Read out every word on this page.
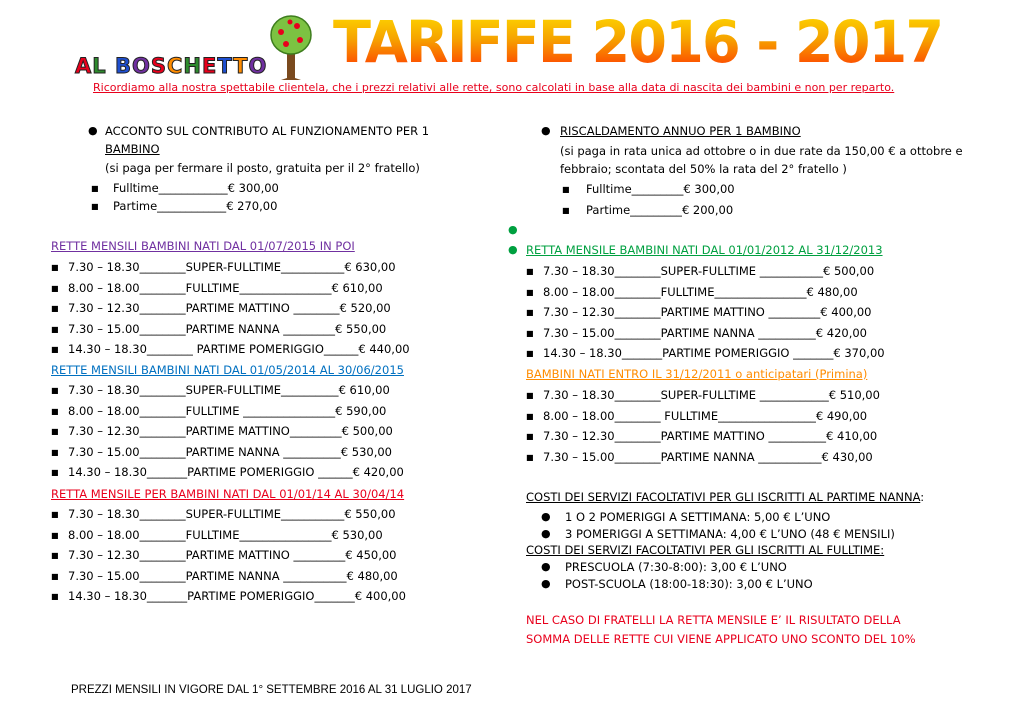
AL BOSCHETTO TARIFFE 2016 - 2017
Ricordiamo alla nostra spettabile clientela, che i prezzi relativi alle rette, sono calcolati in base alla data di nascita dei bambini e non per reparto.
● ACCONTO SUL CONTRIBUTO AL FUNZIONAMENTO PER 1
BAMBINO
(si paga per fermare il posto, gratuita per il 2° fratello)
■ Fulltime____________€ 300,00
■ Partime____________€ 270,00
● RISCALDAMENTO ANNUO PER 1 BAMBINO
(si paga in rata unica ad ottobre o in due rate da 150,00 € a ottobre e
febbraio; scontata del 50% la rata del 2° fratello )
■ Fulltime_________€ 300,00
■ Partime_________€ 200,00
●
●
RETTE MENSILI BAMBINI NATI DAL 01/07/2015 IN POI
RETTE MENSILI BAMBINI NATI DAL 01/05/2014 AL 30/06/2015
RETTA MENSILE PER BAMBINI NATI DAL 01/01/14 AL 30/04/14
RETTA MENSILE BAMBINI NATI DAL 01/01/2012 AL 31/12/2013
BAMBINI NATI ENTRO IL 31/12/2011 o anticipatari (Primina)
■ 7.30 – 18.30________SUPER-FULLTIME___________€ 630,00
■ 8.00 – 18.00________FULLTIME________________€ 610,00
■ 7.30 – 12.30________PARTIME MATTINO ________€ 520,00
■ 7.30 – 15.00________PARTIME NANNA _________€ 550,00
■ 14.30 – 18.30________ PARTIME POMERIGGIO______€ 440,00
■ 7.30 – 18.30________SUPER-FULLTIME__________€ 610,00
■ 8.00 – 18.00________FULLTIME ________________€ 590,00
■ 7.30 – 12.30________PARTIME MATTINO_________€ 500,00
■ 7.30 – 15.00________PARTIME NANNA __________€ 530,00
■ 14.30 – 18.30_______PARTIME POMERIGGIO ______€ 420,00
■ 7.30 – 18.30________SUPER-FULLTIME___________€ 550,00
■ 8.00 – 18.00________FULLTIME________________€ 530,00
■ 7.30 – 12.30________PARTIME MATTINO _________€ 450,00
■ 7.30 – 15.00________PARTIME NANNA ___________€ 480,00
■ 14.30 – 18.30_______PARTIME POMERIGGIO_______€ 400,00
■ 7.30 – 18.30________SUPER-FULLTIME ___________€ 500,00
■ 8.00 – 18.00________FULLTIME________________€ 480,00
■ 7.30 – 12.30________PARTIME MATTINO _________€ 400,00
■ 7.30 – 15.00________PARTIME NANNA __________€ 420,00
■ 14.30 – 18.30_______PARTIME POMERIGGIO _______€ 370,00
■ 7.30 – 18.30________SUPER-FULLTIME ____________€ 510,00
■ 8.00 – 18.00________ FULLTIME_________________€ 490,00
■ 7.30 – 12.30________PARTIME MATTINO __________€ 410,00
■ 7.30 – 15.00________PARTIME NANNA ___________€ 430,00
COSTI DEI SERVIZI FACOLTATIVI PER GLI ISCRITTI AL PARTIME NANNA:
● 1 O 2 POMERIGGI A SETTIMANA: 5,00 € L’UNO
● 3 POMERIGGI A SETTIMANA: 4,00 € L’UNO (48 € MENSILI)
COSTI DEI SERVIZI FACOLTATIVI PER GLI ISCRITTI AL FULLTIME:
● PRESCUOLA (7:30-8:00): 3,00 € L’UNO
● POST-SCUOLA (18:00-18:30): 3,00 € L’UNO
NEL CASO DI FRATELLI LA RETTA MENSILE E’ IL RISULTATO DELLA
SOMMA DELLE RETTE CUI VIENE APPLICATO UNO SCONTO DEL 10%
PREZZI MENSILI IN VIGORE DAL 1° SETTEMBRE 2016 AL 31 LUGLIO 2017
